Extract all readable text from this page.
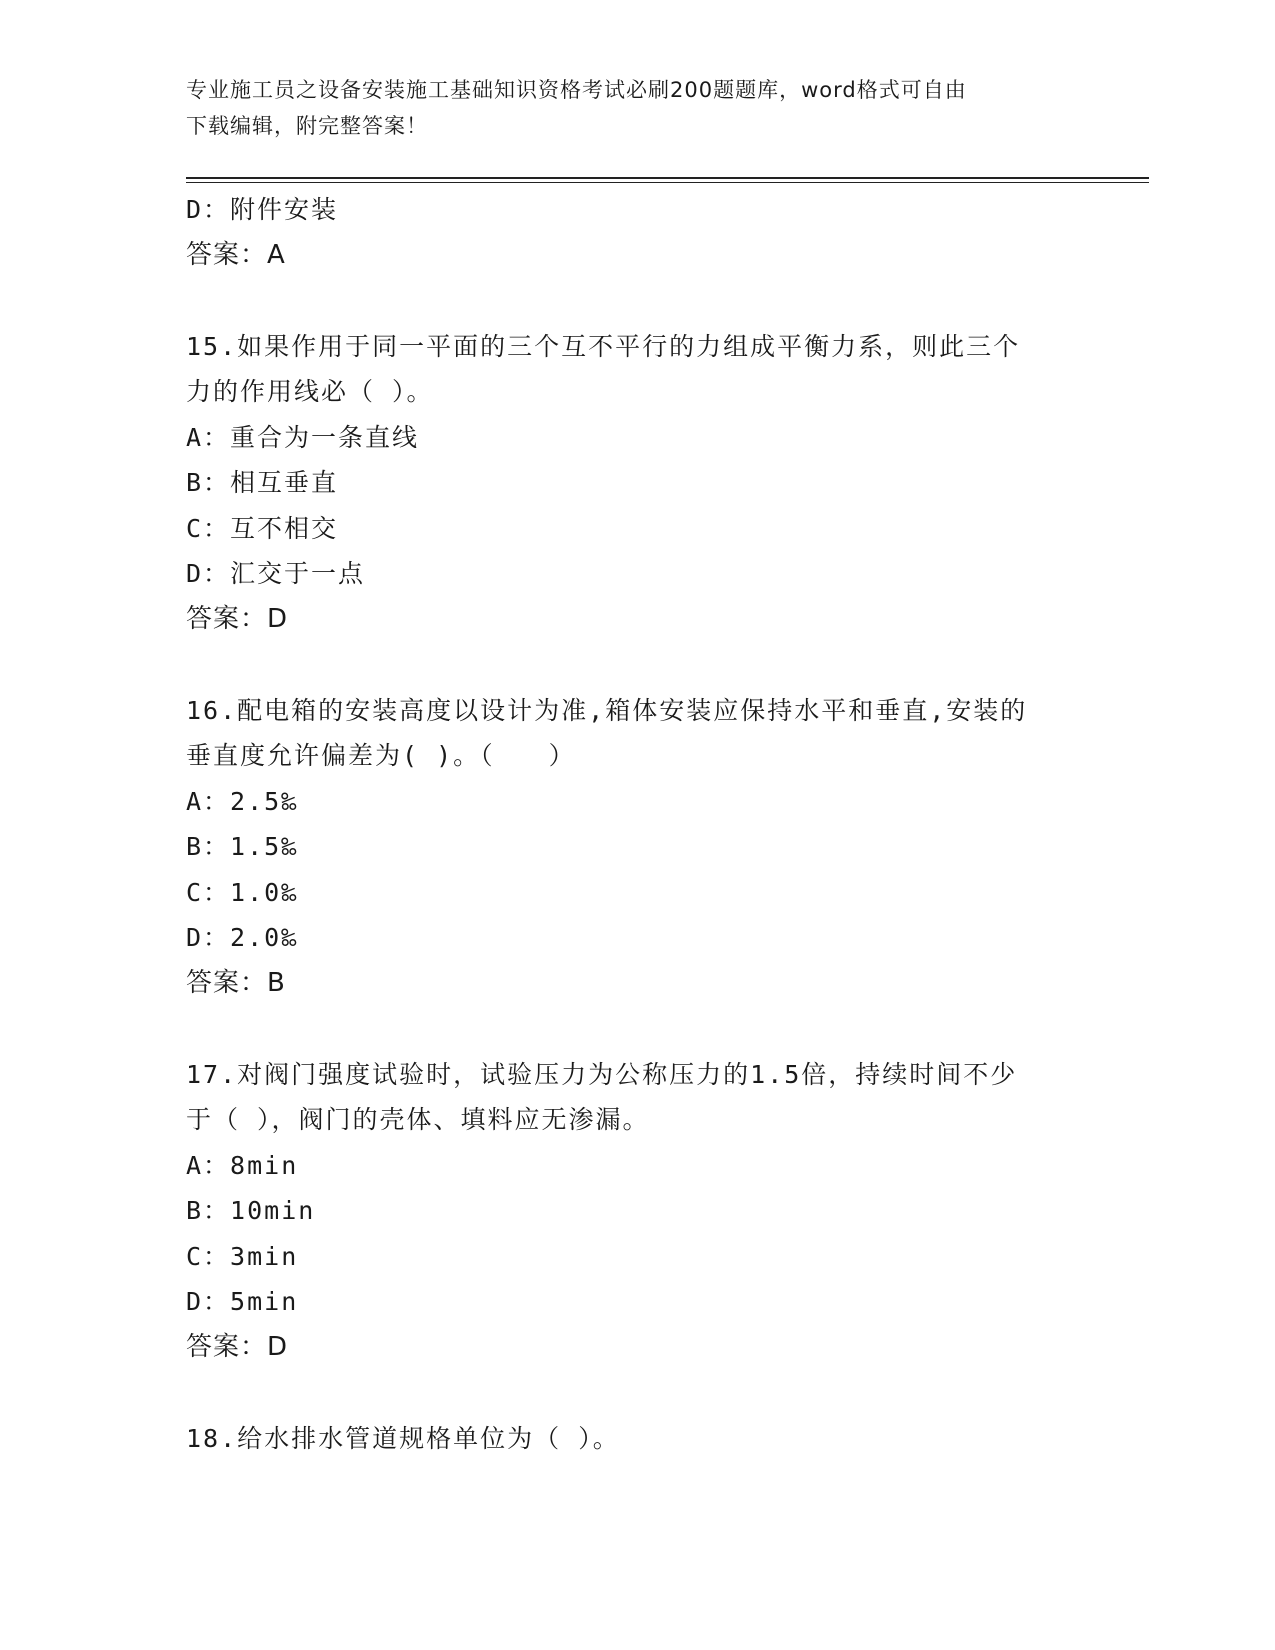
专业施工员之设备安装施工基础知识资格考试必刷200题题库，word格式可自由
下载编辑，附完整答案！
D：附件安装
答案：A
15.如果作用于同一平面的三个互不平行的力组成平衡力系，则此三个
力的作用线必（ ）。
A：重合为一条直线
B：相互垂直
C：互不相交
D：汇交于一点
答案：D
16.配电箱的安装高度以设计为准,箱体安装应保持水平和垂直,安装的
垂直度允许偏差为( )。（　　）
A：2.5‰
B：1.5‰
C：1.0‰
D：2.0‰
答案：B
17.对阀门强度试验时，试验压力为公称压力的1.5倍，持续时间不少
于（ ），阀门的壳体、填料应无渗漏。
A：8min
B：10min
C：3min
D：5min
答案：D
18.给水排水管道规格单位为（ ）。
